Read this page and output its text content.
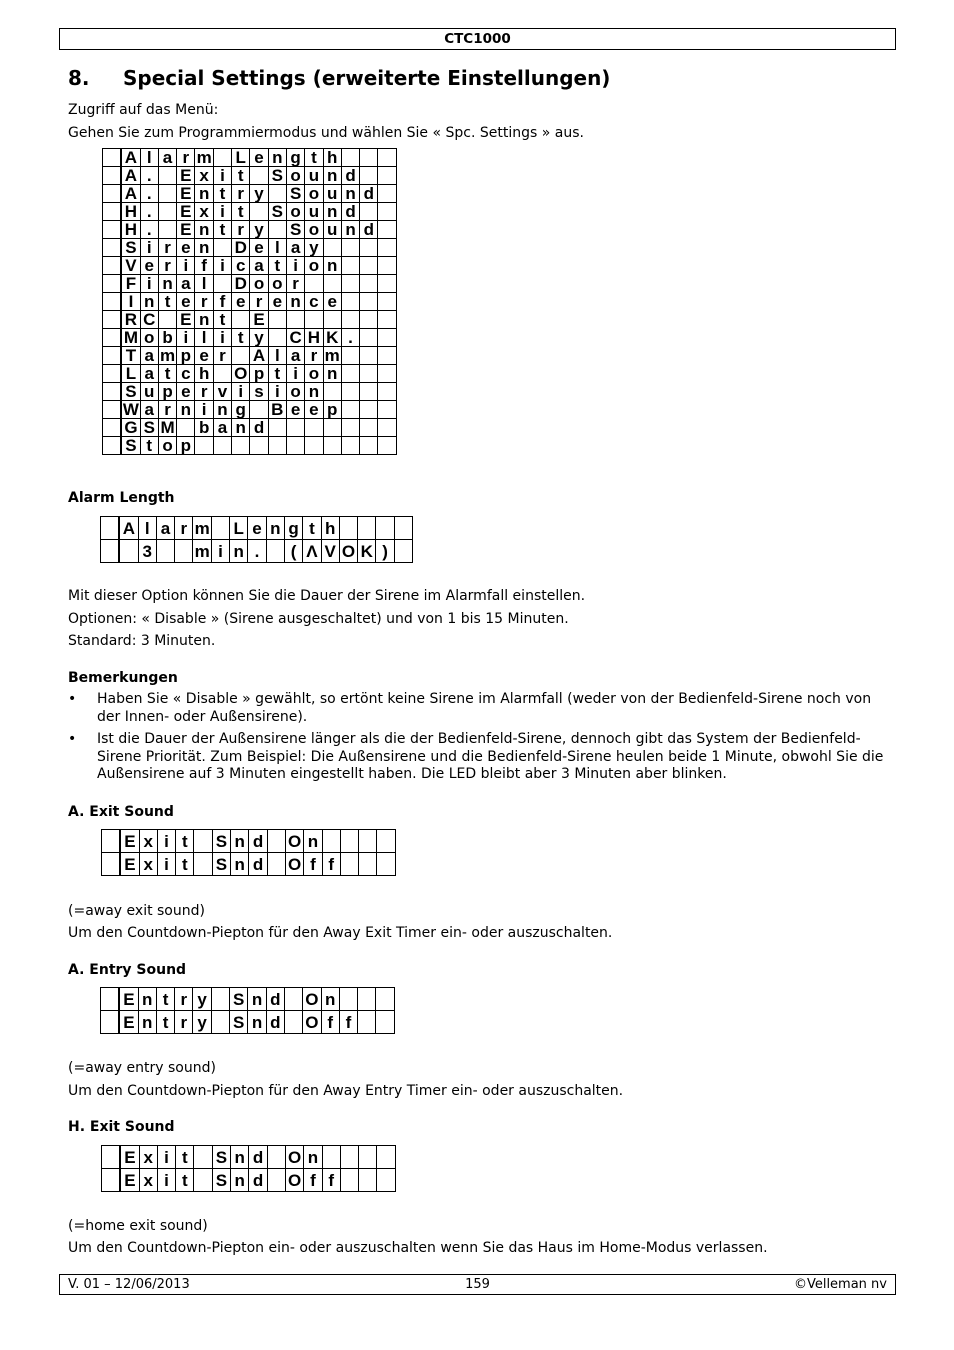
CTC1000
8. Special Settings (erweiterte Einstellungen)

Zugriff auf das Menü:

Gehen Sie zum Programmiermodus und wählen Sie « Spc. Settings » aus.

	A	l	a	r	m		L	e	n	g	t	h			
	A	.		E	x	i	t		S	o	u	n	d		
	A	.		E	n	t	r	y		S	o	u	n	d	
	H	.		E	x	i	t		S	o	u	n	d		
	H	.		E	n	t	r	y		S	o	u	n	d	
	S	i	r	e	n		D	e	l	a	y				
	V	e	r	i	f	i	c	a	t	i	o	n			
	F	i	n	a	l		D	o	o	r					
	I	n	t	e	r	f	e	r	e	n	c	e			
	R	C		E	n	t		E							
	M	o	b	i	l	i	t	y		C	H	K	.		
	T	a	m	p	e	r		A	l	a	r	m			
	L	a	t	c	h		O	p	t	i	o	n			
	S	u	p	e	r	v	i	s	i	o	n				
	W	a	r	n	i	n	g		B	e	e	p			
	G	S	M		b	a	n	d							
	S	t	o	p											
Alarm Length
	A	l	a	r	m		L	e	n	g	t	h				
		3			m	i	n	.		(	Λ	V	O	K	)	

Mit dieser Option können Sie die Dauer der Sirene im Alarmfall einstellen.

Optionen: « Disable » (Sirene ausgeschaltet) und von 1 bis 15 Minuten.

Standard: 3 Minuten.

Bemerkungen
• Haben Sie « Disable » gewählt, so ertönt keine Sirene im Alarmfall (weder von der Bedienfeld-Sirene noch von der Innen- oder Außensirene).
• Ist die Dauer der Außensirene länger als die der Bedienfeld-Sirene, dennoch gibt das System der Bedienfeld-Sirene Priorität. Zum Beispiel: Die Außensirene und die Bedienfeld-Sirene heulen beide 1 Minute, obwohl Sie die Außensirene auf 3 Minuten eingestellt haben. Die LED bleibt aber 3 Minuten aber blinken.
A. Exit Sound
	E	x	i	t		S	n	d		O	n				
	E	x	i	t		S	n	d		O	f	f			

(=away exit sound)

Um den Countdown-Piepton für den Away Exit Timer ein- oder auszuschalten.

A. Entry Sound
	E	n	t	r	y		S	n	d		O	n			
	E	n	t	r	y		S	n	d		O	f	f		

(=away entry sound)

Um den Countdown-Piepton für den Away Entry Timer ein- oder auszuschalten.

H. Exit Sound
	E	x	i	t		S	n	d		O	n				
	E	x	i	t		S	n	d		O	f	f			

(=home exit sound)

Um den Countdown-Piepton ein- oder auszuschalten wenn Sie das Haus im Home-Modus verlassen.

V. 01 – 12/06/2013	159	©Velleman nv
